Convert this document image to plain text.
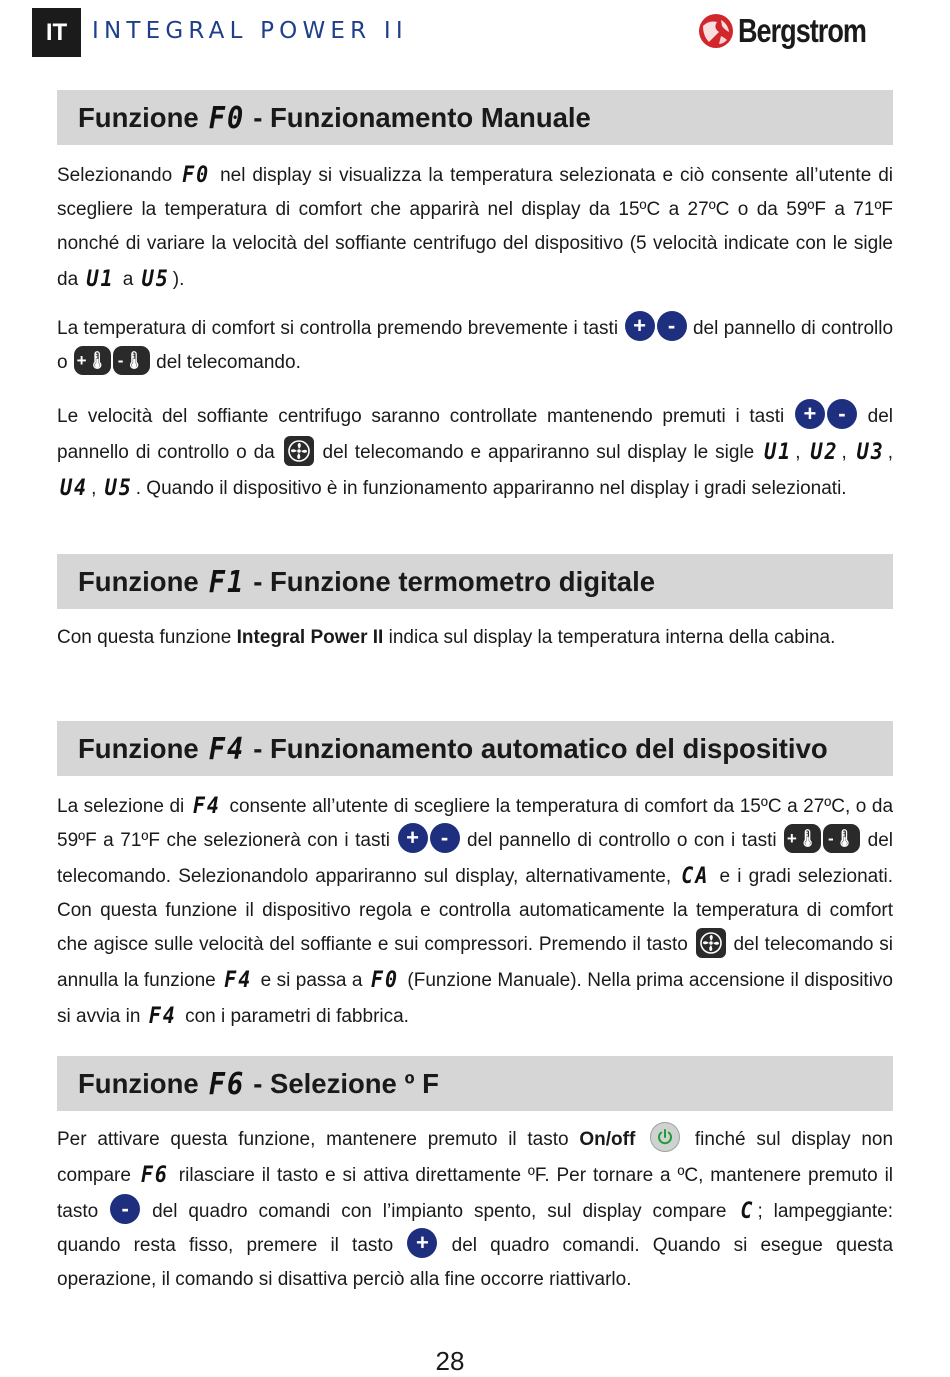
IT	INTEGRAL POWER II	Bergstrom
Funzione F0 - Funzionamento Manuale

Selezionando F0 nel display si visualizza la temperatura selezionata e ciò consente all’utente di scegliere la temperatura di comfort che apparirà nel display da 15ºC a 27ºC o da 59ºF a 71ºF nonché di variare la velocità del soffiante centrifugo del dispositivo (5 velocità indicate con le sigle da U1 a U5 ).

La temperatura di comfort si controlla premendo brevemente i tasti + - del pannello di controllo o +🌡 -🌡 del telecomando.

Le velocità del soffiante centrifugo saranno controllate mantenendo premuti i tasti + - del pannello di controllo o da	del telecomando e appariranno sul display le sigle U1 , U2 , U3 , U4 , U5 . Quando il dispositivo è in funzionamento appariranno nel display i gradi selezionati.

Funzione F1 - Funzione termometro digitale

Con questa funzione Integral Power II indica sul display la temperatura interna della cabina.

Funzione F4 - Funzionamento automatico del dispositivo

La selezione di F4 consente all’utente di scegliere la temperatura di comfort da 15ºC a 27ºC, o da 59ºF a 71ºF che selezionerà con i tasti + - del pannello di controllo o con i tasti +🌡 -🌡 del telecomando. Selezionandolo appariranno sul display, alternativamente, CA e i gradi selezionati. Con questa funzione il dispositivo regola e controlla automaticamente la temperatura di comfort che agisce sulle velocità del soffiante e sui compressori. Premendo il tasto del telecomando si annulla la funzione F4 e si passa a F0 (Funzione Manuale). Nella prima accensione il dispositivo si avvia in F4 con i parametri di fabbrica.

Funzione F6 - Selezione º F

Per attivare questa funzione, mantenere premuto il tasto On/off	finché sul display non compare F6 rilasciare il tasto e si attiva direttamente ºF. Per tornare a ºC, mantenere premuto il tasto - del quadro comandi con l’impianto spento, sul display compare C ; lampeggiante: quando resta fisso, premere il tasto + del quadro comandi. Quando si esegue questa operazione, il comando si disattiva perciò alla fine occorre riattivarlo.

28
